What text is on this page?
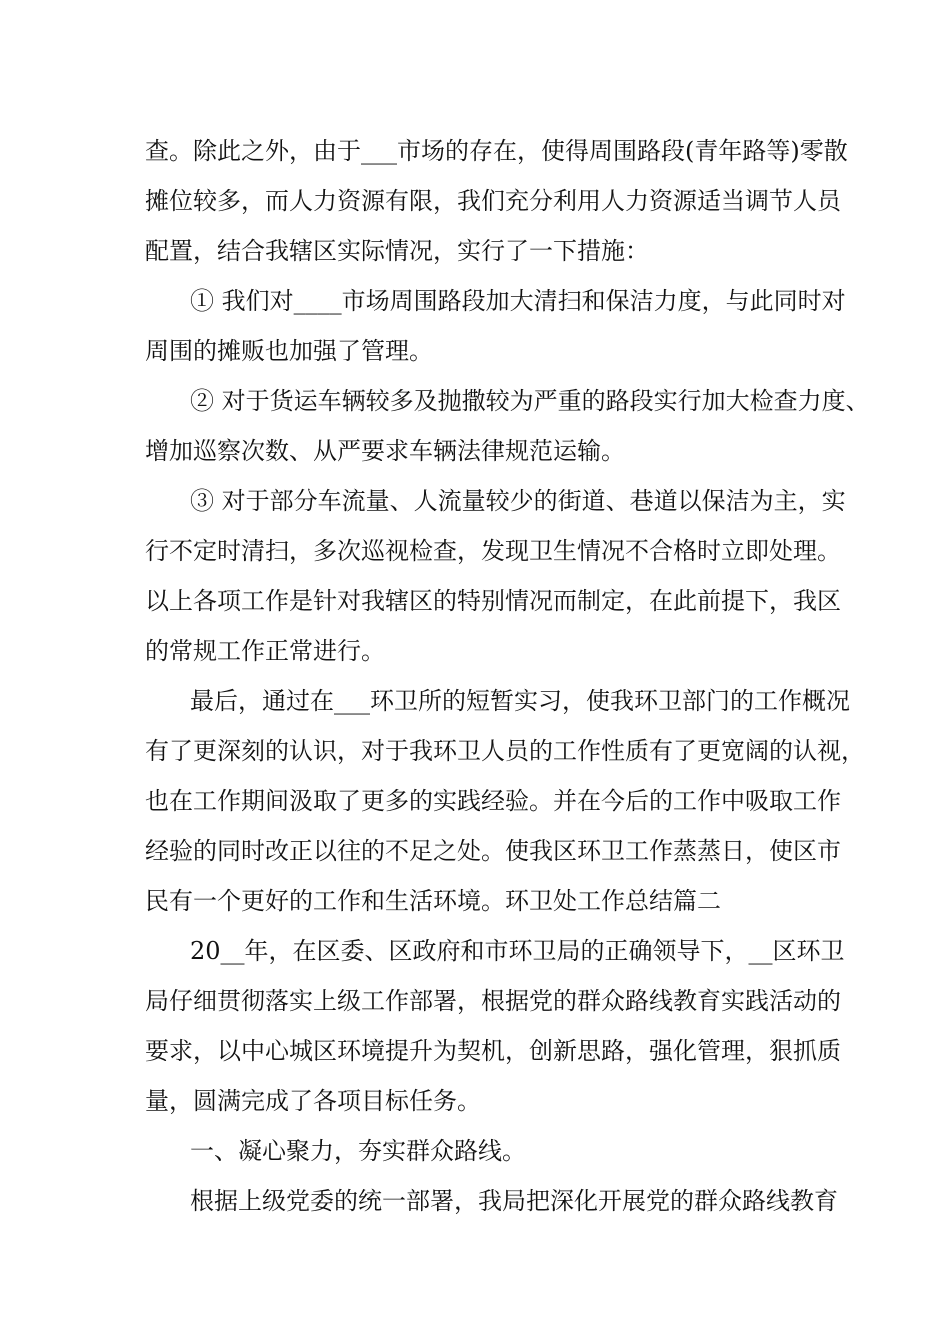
查。除此之外，由于___市场的存在，使得周围路段(青年路等)零散
摊位较多，而人力资源有限，我们充分利用人力资源适当调节人员
配置，结合我辖区实际情况，实行了一下措施：
① 我们对____市场周围路段加大清扫和保洁力度，与此同时对
周围的摊贩也加强了管理。
② 对于货运车辆较多及抛撒较为严重的路段实行加大检查力度、
增加巡察次数、从严要求车辆法律规范运输。
③ 对于部分车流量、人流量较少的街道、巷道以保洁为主，实
行不定时清扫，多次巡视检查，发现卫生情况不合格时立即处理。
以上各项工作是针对我辖区的特别情况而制定，在此前提下，我区
的常规工作正常进行。
最后，通过在___环卫所的短暂实习，使我环卫部门的工作概况
有了更深刻的认识，对于我环卫人员的工作性质有了更宽阔的认视，
也在工作期间汲取了更多的实践经验。并在今后的工作中吸取工作
经验的同时改正以往的不足之处。使我区环卫工作蒸蒸日，使区市
民有一个更好的工作和生活环境。环卫处工作总结篇二
20__年，在区委、区政府和市环卫局的正确领导下，__区环卫
局仔细贯彻落实上级工作部署，根据党的群众路线教育实践活动的
要求，以中心城区环境提升为契机，创新思路，强化管理，狠抓质
量，圆满完成了各项目标任务。
一、凝心聚力，夯实群众路线。
根据上级党委的统一部署，我局把深化开展党的群众路线教育
